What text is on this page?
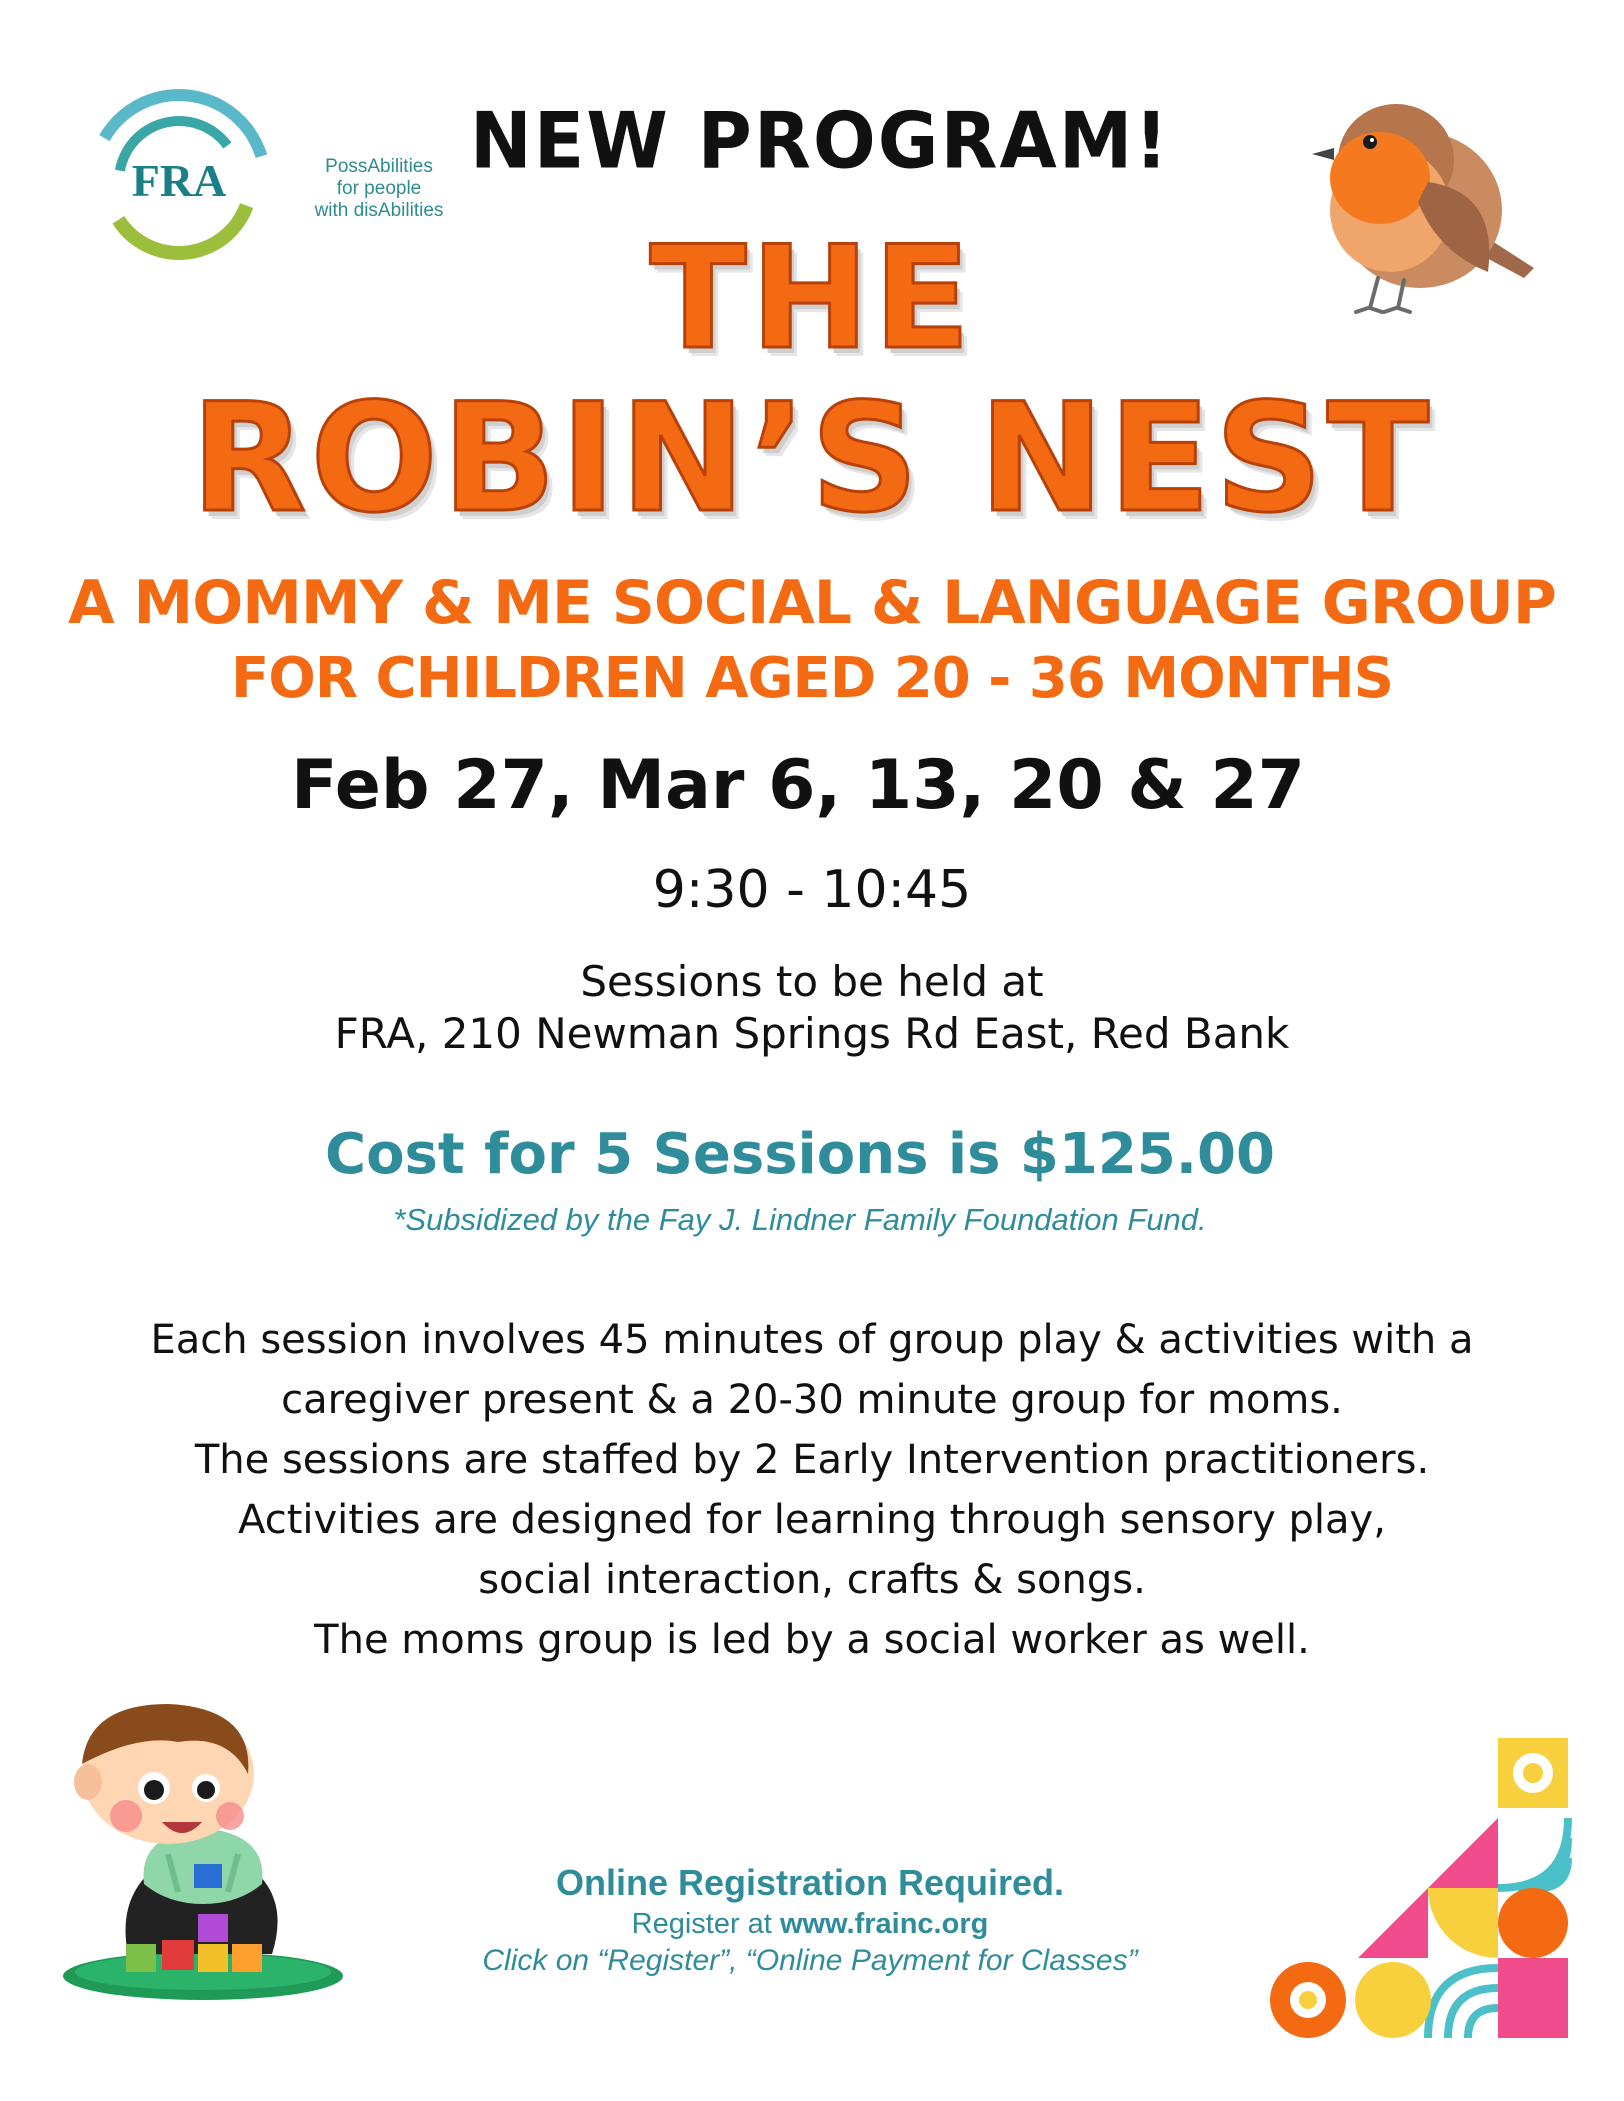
FRA	PossAbilities
for people
with disAbilities
NEW PROGRAM!
THE
ROBIN’S NEST
A MOMMY & ME SOCIAL & LANGUAGE GROUP
FOR CHILDREN AGED 20 - 36 MONTHS
Feb 27, Mar 6, 13, 20 & 27
9:30 - 10:45
Sessions to be held at
FRA, 210 Newman Springs Rd East, Red Bank
Cost for 5 Sessions is $125.00
*Subsidized by the Fay J. Lindner Family Foundation Fund.
Each session involves 45 minutes of group play & activities with a
caregiver present & a 20-30 minute group for moms.
The sessions are staffed by 2 Early Intervention practitioners.
Activities are designed for learning through sensory play,
social interaction, crafts & songs.
The moms group is led by a social worker as well.
Online Registration Required.
Register at www.frainc.org
Click on “Register”, “Online Payment for Classes”
